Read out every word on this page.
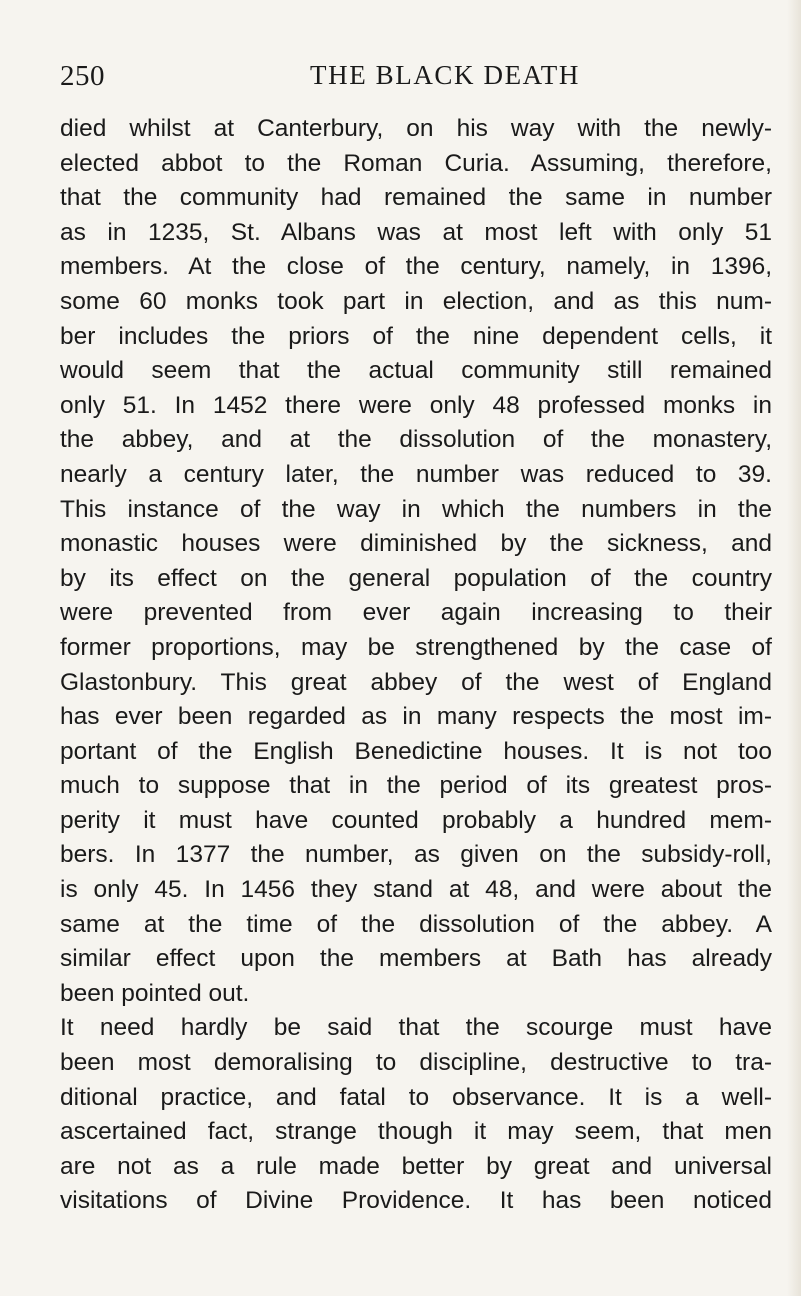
250	THE BLACK DEATH
died whilst at Canterbury, on his way with the newly-
elected abbot to the Roman Curia. Assuming, therefore,
that the community had remained the same in number
as in 1235, St. Albans was at most left with only 51
members. At the close of the century, namely, in 1396,
some 60 monks took part in election, and as this num-
ber includes the priors of the nine dependent cells, it
would seem that the actual community still remained
only 51. In 1452 there were only 48 professed monks in
the abbey, and at the dissolution of the monastery,
nearly a century later, the number was reduced to 39.
This instance of the way in which the numbers in the
monastic houses were diminished by the sickness, and
by its effect on the general population of the country
were prevented from ever again increasing to their
former proportions, may be strengthened by the case of
Glastonbury. This great abbey of the west of England
has ever been regarded as in many respects the most im-
portant of the English Benedictine houses. It is not too
much to suppose that in the period of its greatest pros-
perity it must have counted probably a hundred mem-
bers. In 1377 the number, as given on the subsidy-roll,
is only 45. In 1456 they stand at 48, and were about the
same at the time of the dissolution of the abbey. A
similar effect upon the members at Bath has already
been pointed out.
It need hardly be said that the scourge must have
been most demoralising to discipline, destructive to tra-
ditional practice, and fatal to observance. It is a well-
ascertained fact, strange though it may seem, that men
are not as a rule made better by great and universal
visitations of Divine Providence. It has been noticed
